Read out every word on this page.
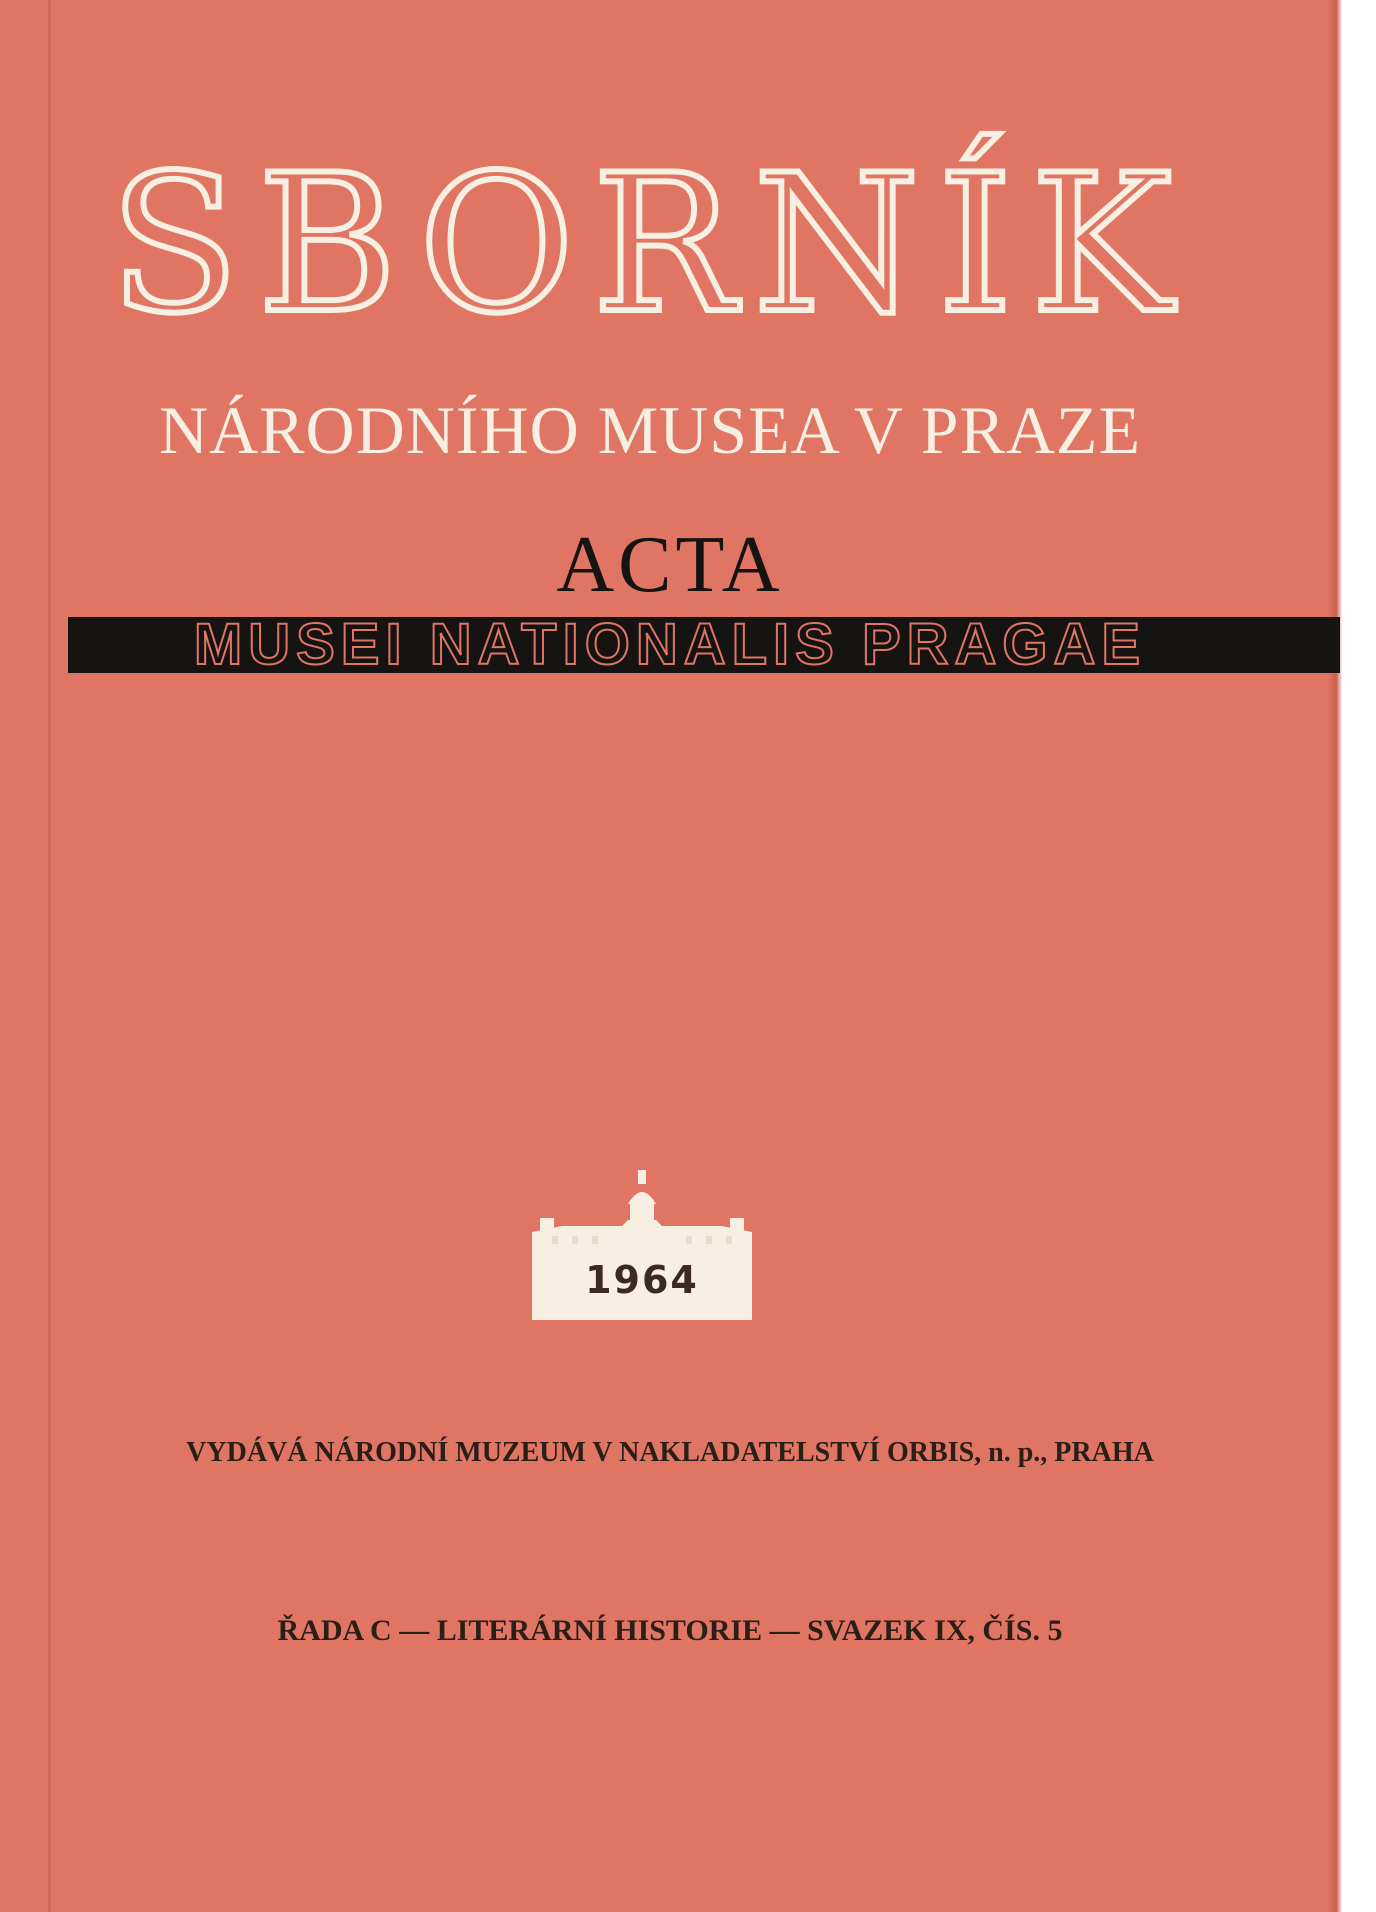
SBORNÍK
NÁRODNÍHO MUSEA V PRAZE
ACTA
MUSEI NATIONALIS PRAGAE
1964
VYDÁVÁ NÁRODNÍ MUZEUM V NAKLADATELSTVÍ ORBIS, n. p., PRAHA
ŘADA C — LITERÁRNÍ HISTORIE — SVAZEK IX, ČÍS. 5
